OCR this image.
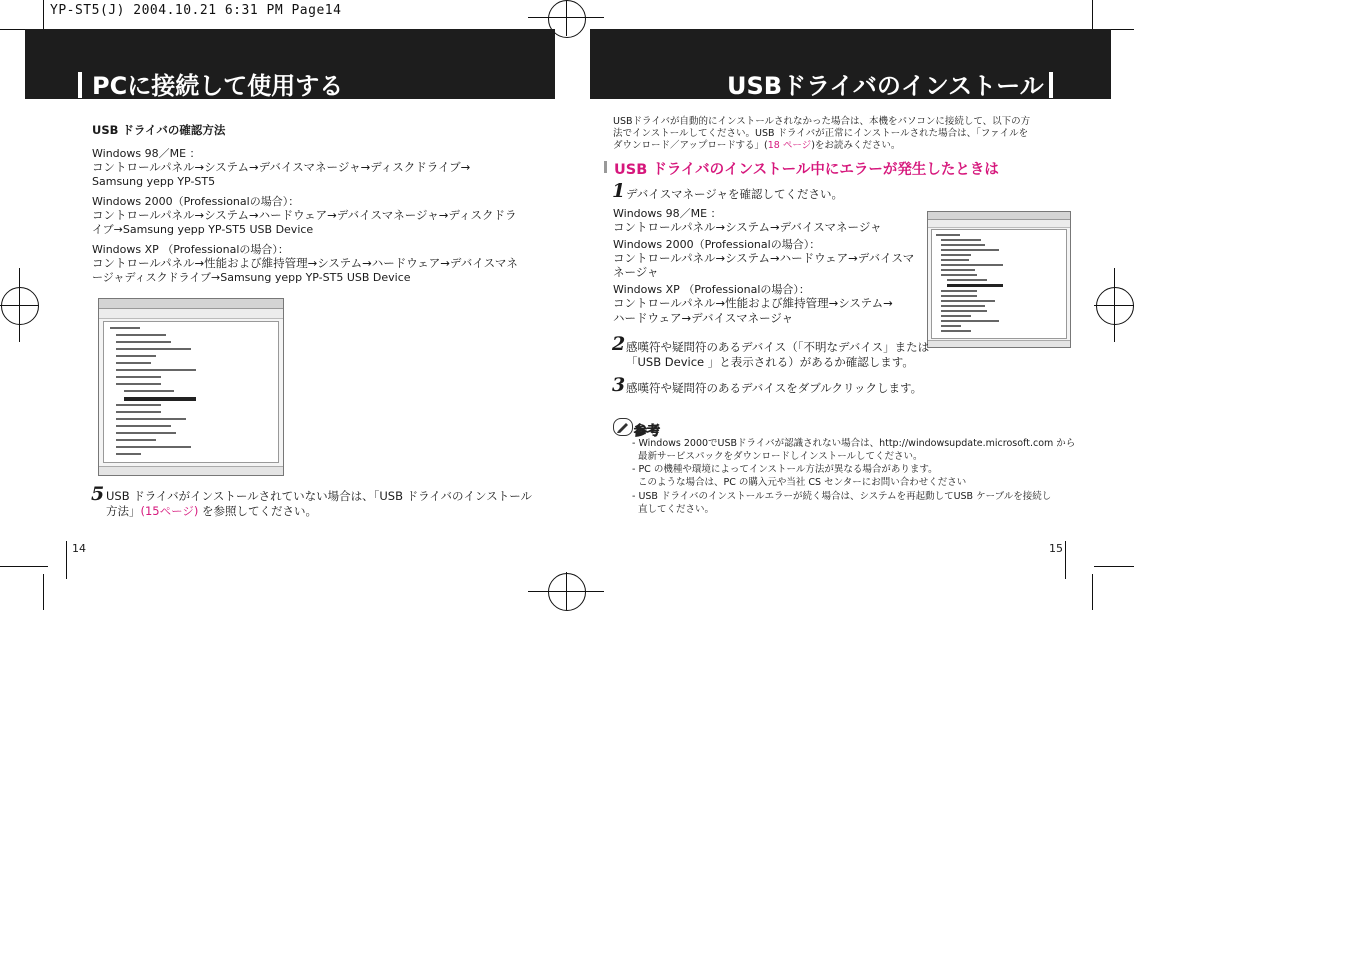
YP-ST5(J) 2004.10.21 6:31 PM Page14
PCに接続して使用する	USBドライバのインストール
USB ドライバの確認方法
Windows 98／ME ：
コントロールパネル→システム→デバイスマネージャ→ディスクドライブ→
Samsung yepp YP-ST5
Windows 2000（Professionalの場合）：
コントロールパネル→システム→ハードウェア→デバイスマネージャ→ディスクドラ
イブ→Samsung yepp YP-ST5 USB Device
Windows XP （Professionalの場合）：
コントロールパネル→性能および維持管理→システム→ハードウェア→デバイスマネ
ージャディスクドライブ→Samsung yepp YP-ST5 USB Device
5 USB ドライバがインストールされていない場合は、「USB ドライバのインストール
方法」(15ページ) を参照してください。
14
USBドライバが自動的にインストールされなかった場合は、本機をパソコンに接続して、以下の方
法でインストールしてください。USB ドライバが正常にインストールされた場合は、「ファイルを
ダウンロード／アップロードする」(18 ページ)をお読みください。
USB ドライバのインストール中にエラーが発生したときは
1 デバイスマネージャを確認してください。
Windows 98／ME ：
コントロールパネル→システム→デバイスマネージャ
Windows 2000（Professionalの場合）：
コントロールパネル→システム→ハードウェア→デバイスマ
ネージャ
Windows XP （Professionalの場合）：
コントロールパネル→性能および維持管理→システム→
ハードウェア→デバイスマネージャ
2 感嘆符や疑問符のあるデバイス（「不明なデバイス」または
「USB Device 」と表示される）があるか確認します。
3 感嘆符や疑問符のあるデバイスをダブルクリックします。
参考
- Windows 2000でUSBドライバが認識されない場合は、http://windowsupdate.microsoft.com から
最新サービスパックをダウンロードしインストールしてください。
- PC の機種や環境によってインストール方法が異なる場合があります。
このような場合は、PC の購入元や当社 CS センターにお問い合わせください
- USB ドライバのインストールエラーが続く場合は、システムを再起動してUSB ケーブルを接続し
直してください。
15
